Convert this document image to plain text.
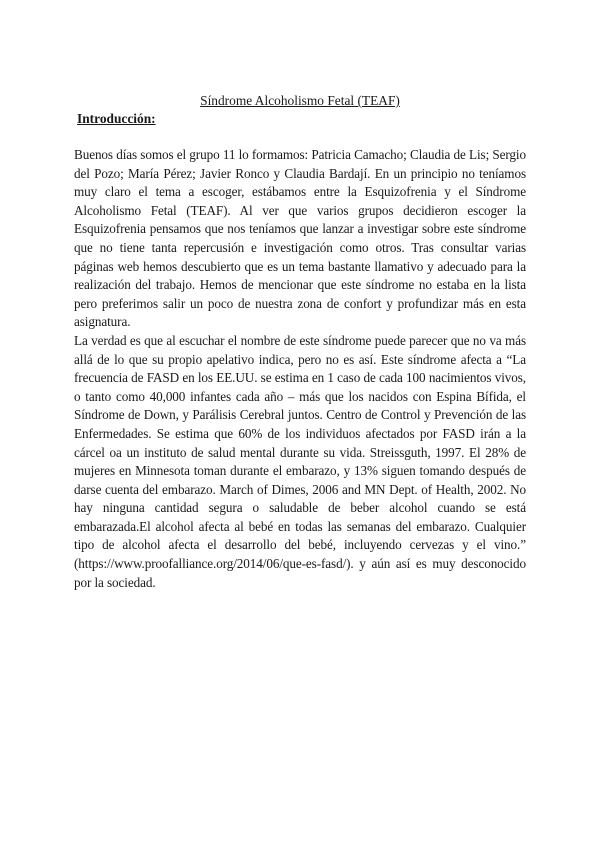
Síndrome Alcoholismo Fetal (TEAF)
Introducción:

Buenos días somos el grupo 11 lo formamos: Patricia Camacho; Claudia de Lis; Sergio del Pozo; María Pérez; Javier Ronco y Claudia Bardají. En un principio no teníamos muy claro el tema a escoger, estábamos entre la Esquizofrenia y el Síndrome Alcoholismo Fetal (TEAF). Al ver que varios grupos decidieron escoger la Esquizofrenia pensamos que nos teníamos que lanzar a investigar sobre este síndrome que no tiene tanta repercusión e investigación como otros. Tras consultar varias páginas web hemos descubierto que es un tema bastante llamativo y adecuado para la realización del trabajo. Hemos de mencionar que este síndrome no estaba en la lista pero preferimos salir un poco de nuestra zona de confort y profundizar más en esta asignatura.

La verdad es que al escuchar el nombre de este síndrome puede parecer que no va más allá de lo que su propio apelativo indica, pero no es así. Este síndrome afecta a “La frecuencia de FASD en los EE.UU. se estima en 1 caso de cada 100 nacimientos vivos, o tanto como 40,000 infantes cada año – más que los nacidos con Espina Bífida, el Síndrome de Down, y Parálisis Cerebral juntos. Centro de Control y Prevención de las Enfermedades. Se estima que 60% de los individuos afectados por FASD irán a la cárcel oa un instituto de salud mental durante su vida. Streissguth, 1997. El 28% de mujeres en Minnesota toman durante el embarazo, y 13% siguen tomando después de darse cuenta del embarazo. March of Dimes, 2006 and MN Dept. of Health, 2002. No hay ninguna cantidad segura o saludable de beber alcohol cuando se está embarazada.El alcohol afecta al bebé en todas las semanas del embarazo. Cualquier tipo de alcohol afecta el desarrollo del bebé, incluyendo cervezas y el vino.” (https://www.proofalliance.org/2014/06/que-es-fasd/). y aún así es muy desconocido por la sociedad.
